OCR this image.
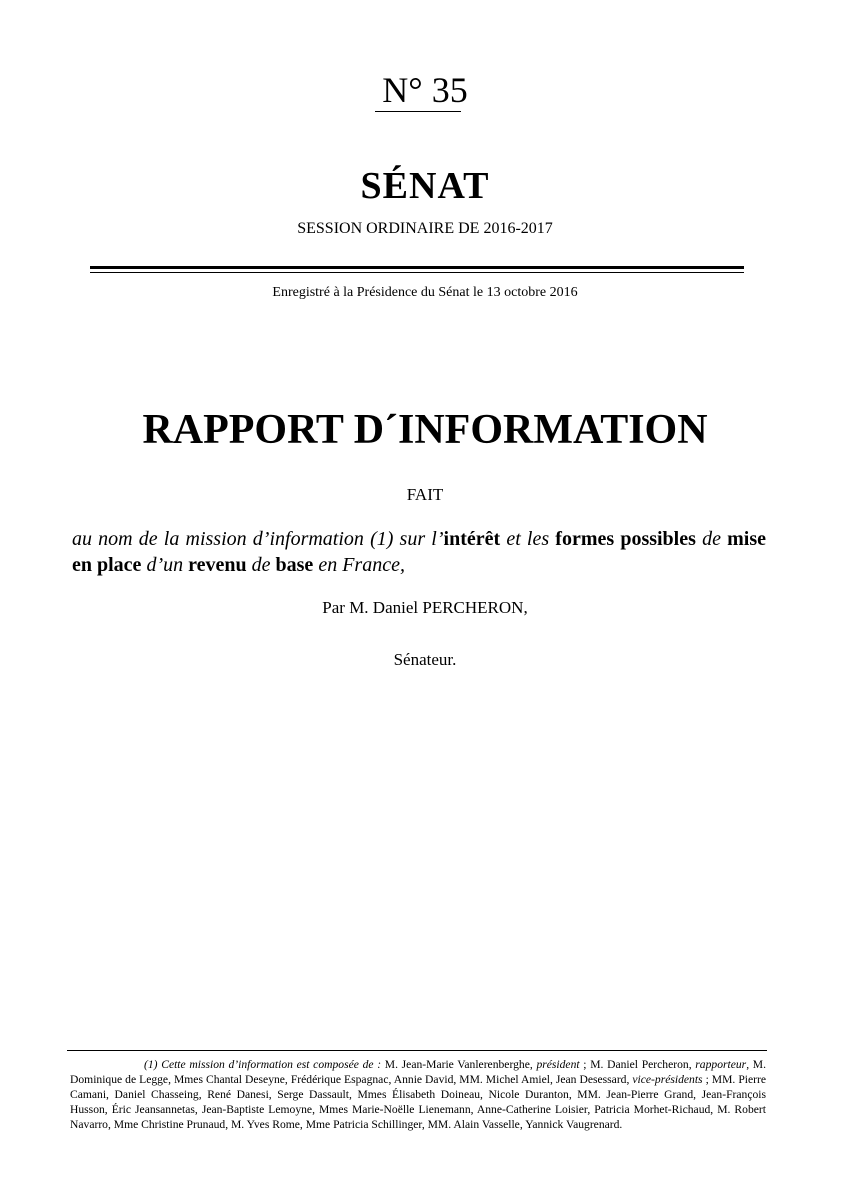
N° 35
SÉNAT
SESSION ORDINAIRE DE 2016-2017
Enregistré à la Présidence du Sénat le 13 octobre 2016
RAPPORT D´INFORMATION
FAIT
au nom de la mission d’information (1) sur l’intérêt et les formes possibles de mise en place d’un revenu de base en France,
Par M. Daniel PERCHERON,
Sénateur.
(1) Cette mission d’information est composée de : M. Jean-Marie Vanlerenberghe, président ; M. Daniel Percheron, rapporteur, M. Dominique de Legge, Mmes Chantal Deseyne, Frédérique Espagnac, Annie David, MM. Michel Amiel, Jean Desessard, vice-présidents ; MM. Pierre Camani, Daniel Chasseing, René Danesi, Serge Dassault, Mmes Élisabeth Doineau, Nicole Duranton, MM. Jean-Pierre Grand, Jean-François Husson, Éric Jeansannetas, Jean-Baptiste Lemoyne, Mmes Marie-Noëlle Lienemann, Anne-Catherine Loisier, Patricia Morhet-Richaud, M. Robert Navarro, Mme Christine Prunaud, M. Yves Rome, Mme Patricia Schillinger, MM. Alain Vasselle, Yannick Vaugrenard.
